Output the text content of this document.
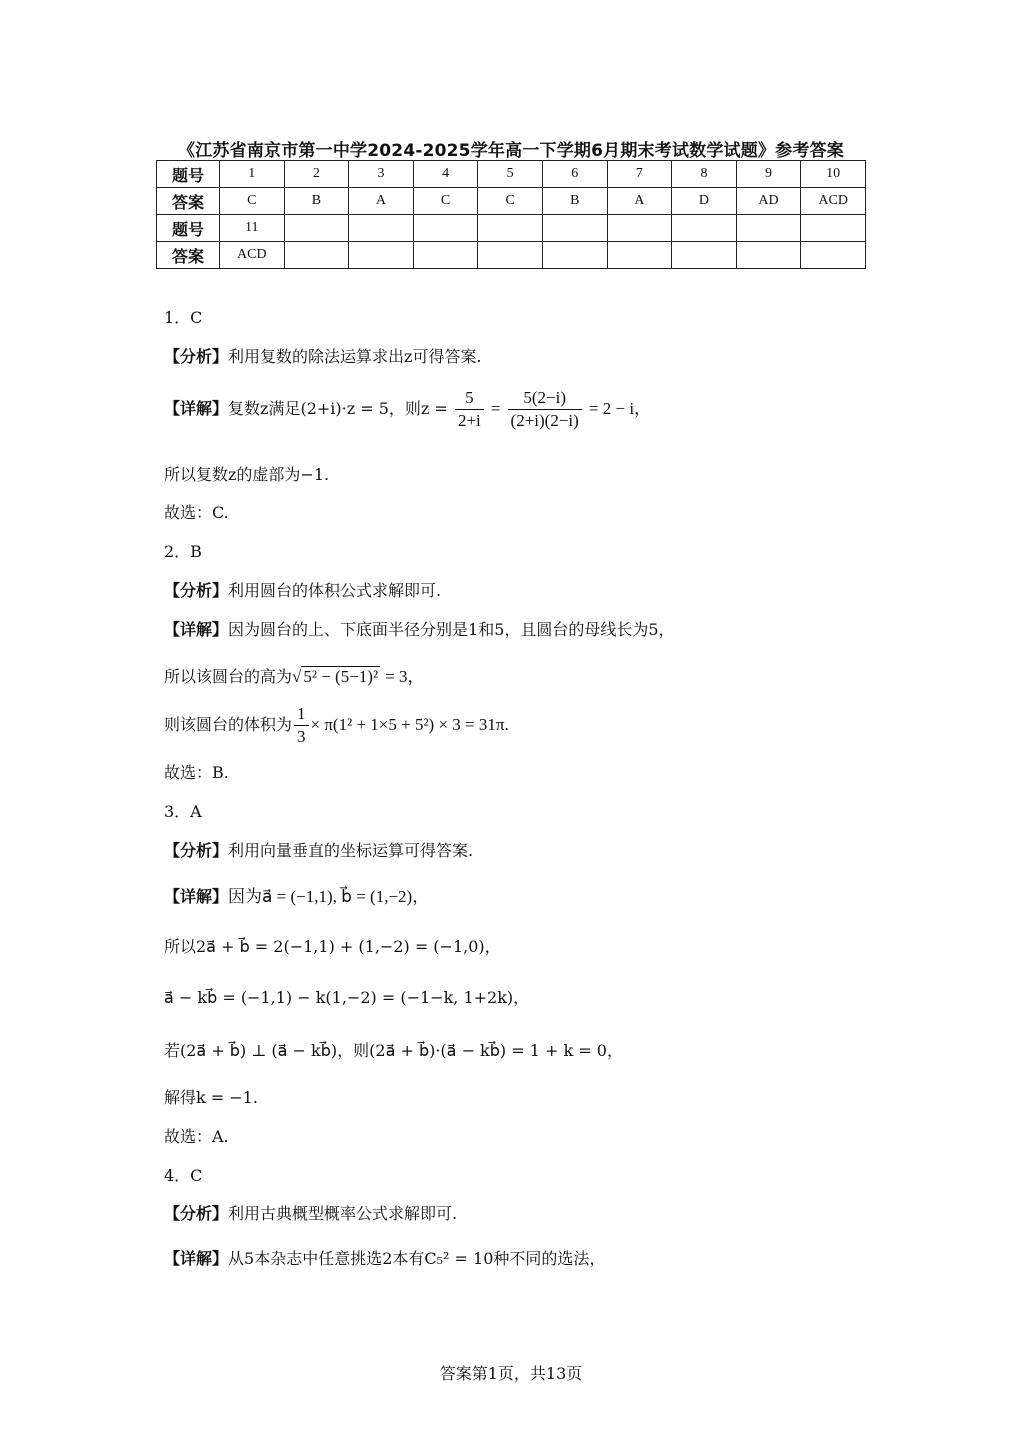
《江苏省南京市第一中学2024-2025学年高一下学期6月期末考试数学试题》参考答案
题号	1	2	3	4	5	6	7	8	9	10
答案	C	B	A	C	C	B	A	D	AD	ACD
题号	11									
答案	ACD									
1．C
【分析】利用复数的除法运算求出z可得答案.
【详解】复数z满足(2+i)·z = 5，则$z = \frac{5}{2+i} = \frac{5(2-i)}{(2+i)(2-i)} = 2 - i$，
所以复数z的虚部为−1.
故选：C.
2．B
【分析】利用圆台的体积公式求解即可.
【详解】因为圆台的上、下底面半径分别是1和5，且圆台的母线长为5，
所以该圆台的高为√ 5² − (5−1)² = 3，
则该圆台的体积为 $\frac{1}{3} \times \pi(1^2 + 1\times 5 + 5^2) \times 3 = 31\pi$.
故选：B.
3．A
【分析】利用向量垂直的坐标运算可得答案.
【详解】因为a⃗ = (−1,1), b⃗ = (1,−2)，
所以2a⃗ + b⃗ = 2(−1,1) + (1,−2) = (−1,0)，
a⃗ − kb⃗ = (−1,1) − k(1,−2) = (−1−k, 1+2k)，
若(2a⃗ + b⃗) ⊥ (a⃗ − kb⃗)，则(2a⃗ + b⃗)·(a⃗ − kb⃗) = 1 + k = 0，
解得k = −1.
故选：A.
4．C
【分析】利用古典概型概率公式求解即可.
【详解】从5本杂志中任意挑选2本有C₅² = 10种不同的选法，
答案第1页，共13页
